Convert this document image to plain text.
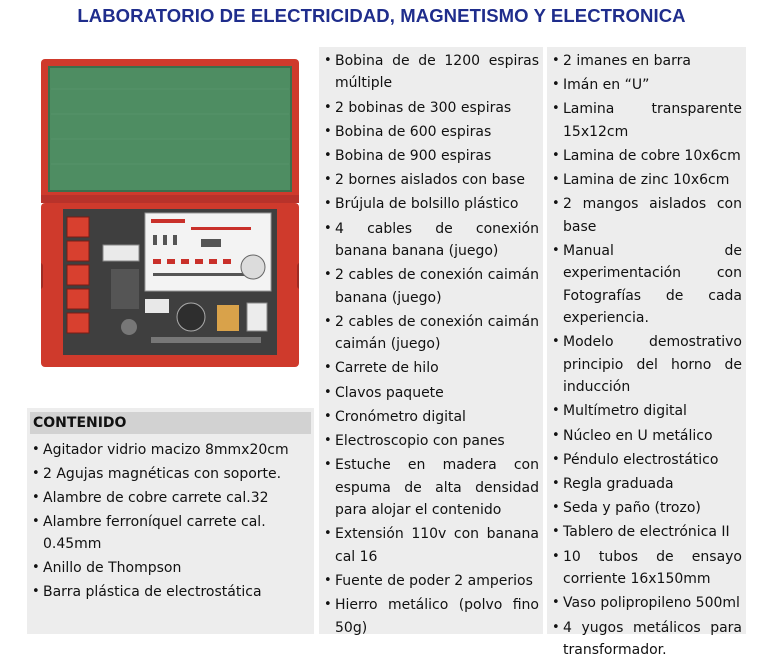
LABORATORIO DE ELECTRICIDAD, MAGNETISMO Y ELECTRONICA
CONTENIDO
• Agitador vidrio macizo 8mmx20cm
• 2 Agujas magnéticas con soporte.
• Alambre de cobre carrete cal.32
• Alambre ferroníquel carrete cal. 0.45mm
• Anillo de Thompson
• Barra plástica de electrostática
• Bobina de de 1200 espiras múltiple
• 2 bobinas de 300 espiras
• Bobina de 600 espiras
• Bobina de 900 espiras
• 2 bornes aislados con base
• Brújula de bolsillo plástico
• 4 cables de conexión banana banana (juego)
• 2 cables de conexión caimán banana (juego)
• 2 cables de conexión caimán caimán (juego)
• Carrete de hilo
• Clavos paquete
• Cronómetro digital
• Electroscopio con panes
• Estuche en madera con espuma de alta densidad para alojar el contenido
• Extensión 110v con banana cal 16
• Fuente de poder 2 amperios
• Hierro metálico (polvo fino 50g)
• 2 imanes en barra
• Imán en “U”
• Lamina transparente 15x12cm
• Lamina de cobre 10x6cm
• Lamina de zinc 10x6cm
• 2 mangos aislados con base
• Manual de experimentación con Fotografías de cada experiencia.
• Modelo demostrativo principio del horno de inducción
• Multímetro digital
• Núcleo en U metálico
• Péndulo electrostático
• Regla graduada
• Seda y paño (trozo)
• Tablero de electrónica II
• 10 tubos de ensayo corriente 16x150mm
• Vaso polipropileno 500ml
• 4 yugos metálicos para transformador.
